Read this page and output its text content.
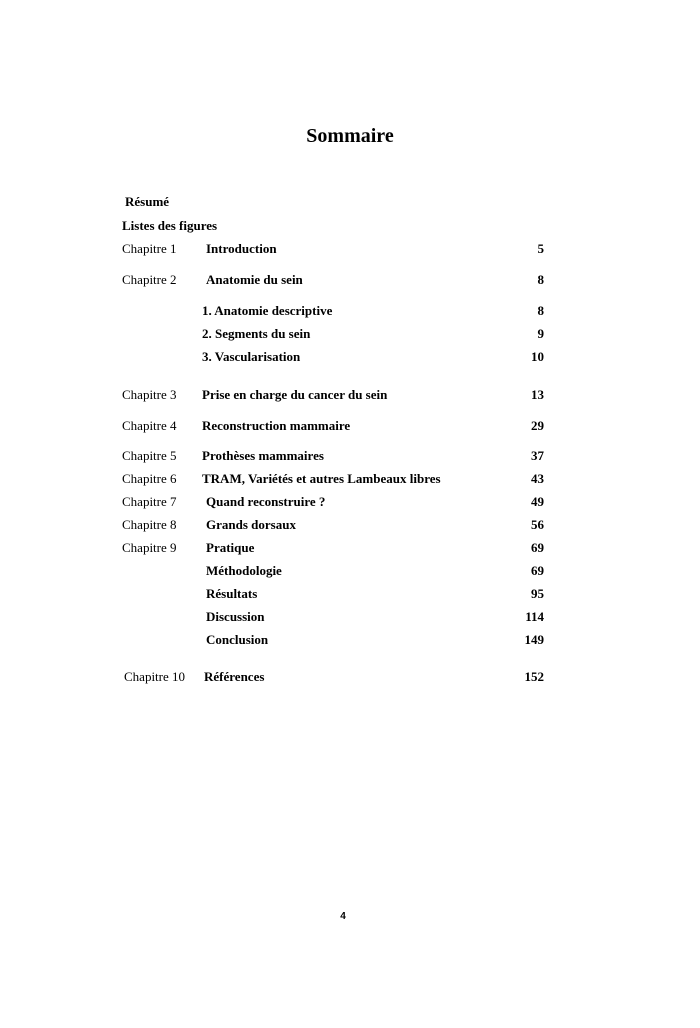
Sommaire
Résumé
Listes des figures
Chapitre 1 Introduction	5
Chapitre 2 Anatomie du sein	8
1. Anatomie descriptive	8
2. Segments du sein	9
3. Vascularisation	10
Chapitre 3 Prise en charge du cancer du sein	13
Chapitre 4 Reconstruction mammaire	29
Chapitre 5 Prothèses mammaires	37
Chapitre 6 TRAM, Variétés et autres Lambeaux libres	43
Chapitre 7 Quand reconstruire ?	49
Chapitre 8 Grands dorsaux	56
Chapitre 9 Pratique	69
Méthodologie	69
Résultats	95
Discussion	114
Conclusion	149
Chapitre 10 Références	152
4
